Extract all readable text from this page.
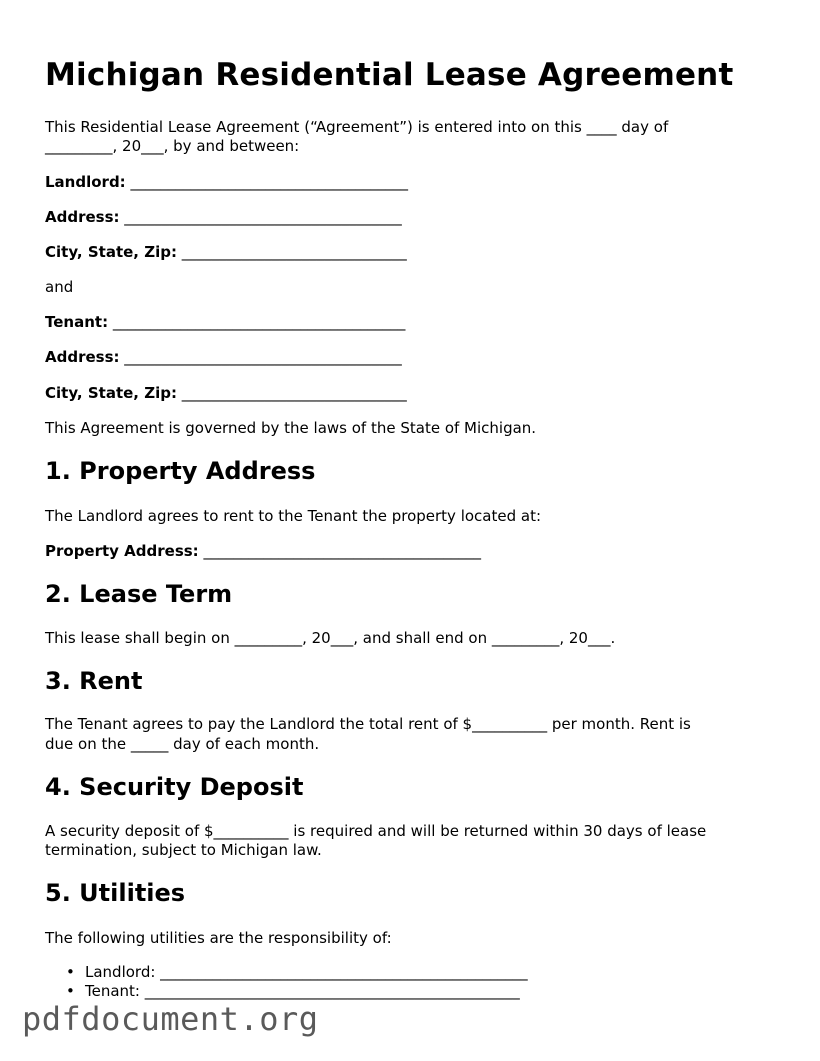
Michigan Residential Lease Agreement

This Residential Lease Agreement (“Agreement”) is entered into on this ____ day of

_________, 20___, by and between:

Landlord: _____________________________________

Address: _____________________________________

City, State, Zip: ______________________________

and

Tenant: _______________________________________

Address: _____________________________________

City, State, Zip: ______________________________

This Agreement is governed by the laws of the State of Michigan.

1. Property Address

The Landlord agrees to rent to the Tenant the property located at:

Property Address: _____________________________________

2. Lease Term

This lease shall begin on _________, 20___, and shall end on _________, 20___.

3. Rent

The Tenant agrees to pay the Landlord the total rent of $__________ per month. Rent is

due on the _____ day of each month.

4. Security Deposit

A security deposit of $__________ is required and will be returned within 30 days of lease

termination, subject to Michigan law.

5. Utilities

The following utilities are the responsibility of:

• Landlord: _________________________________________________
• Tenant: __________________________________________________
pdfdocument.org
